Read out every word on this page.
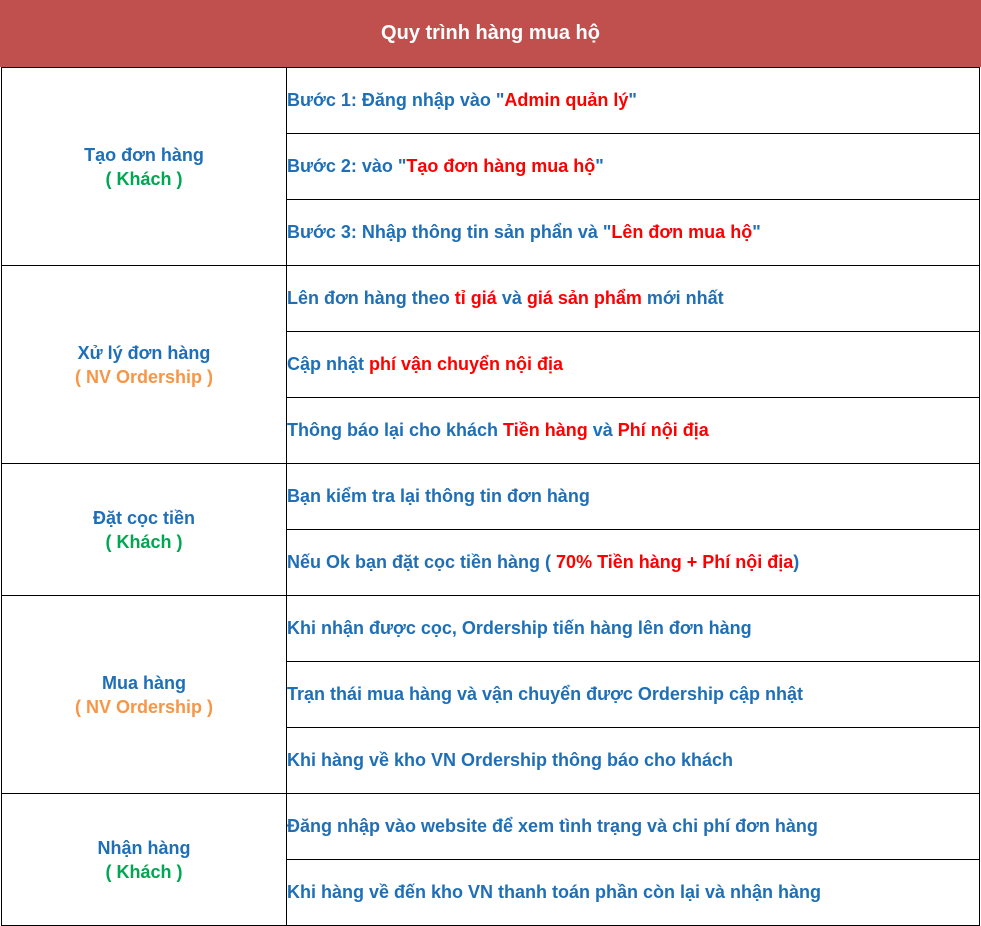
Quy trình hàng mua hộ
Tạo đơn hàng
( Khách )	Bước 1: Đăng nhập vào "Admin quản lý"
	Bước 2: vào "Tạo đơn hàng mua hộ"
	Bước 3: Nhập thông tin sản phẩn và "Lên đơn mua hộ"

Xử lý đơn hàng
( NV Ordership )	Lên đơn hàng theo tỉ giá và giá sản phẩm mới nhất
	Cập nhật phí vận chuyển nội địa
	Thông báo lại cho khách Tiền hàng và Phí nội địa

Đặt cọc tiền
( Khách )	Bạn kiểm tra lại thông tin đơn hàng
	Nếu Ok bạn đặt cọc tiền hàng ( 70% Tiền hàng + Phí nội địa)

Mua hàng
( NV Ordership )	Khi nhận được cọc, Ordership tiến hàng lên đơn hàng
	Trạn thái mua hàng và vận chuyển được Ordership cập nhật
	Khi hàng về kho VN Ordership thông báo cho khách

Nhận hàng
( Khách )	Đăng nhập vào website để xem tình trạng và chi phí đơn hàng
	Khi hàng về đến kho VN thanh toán phần còn lại và nhận hàng
